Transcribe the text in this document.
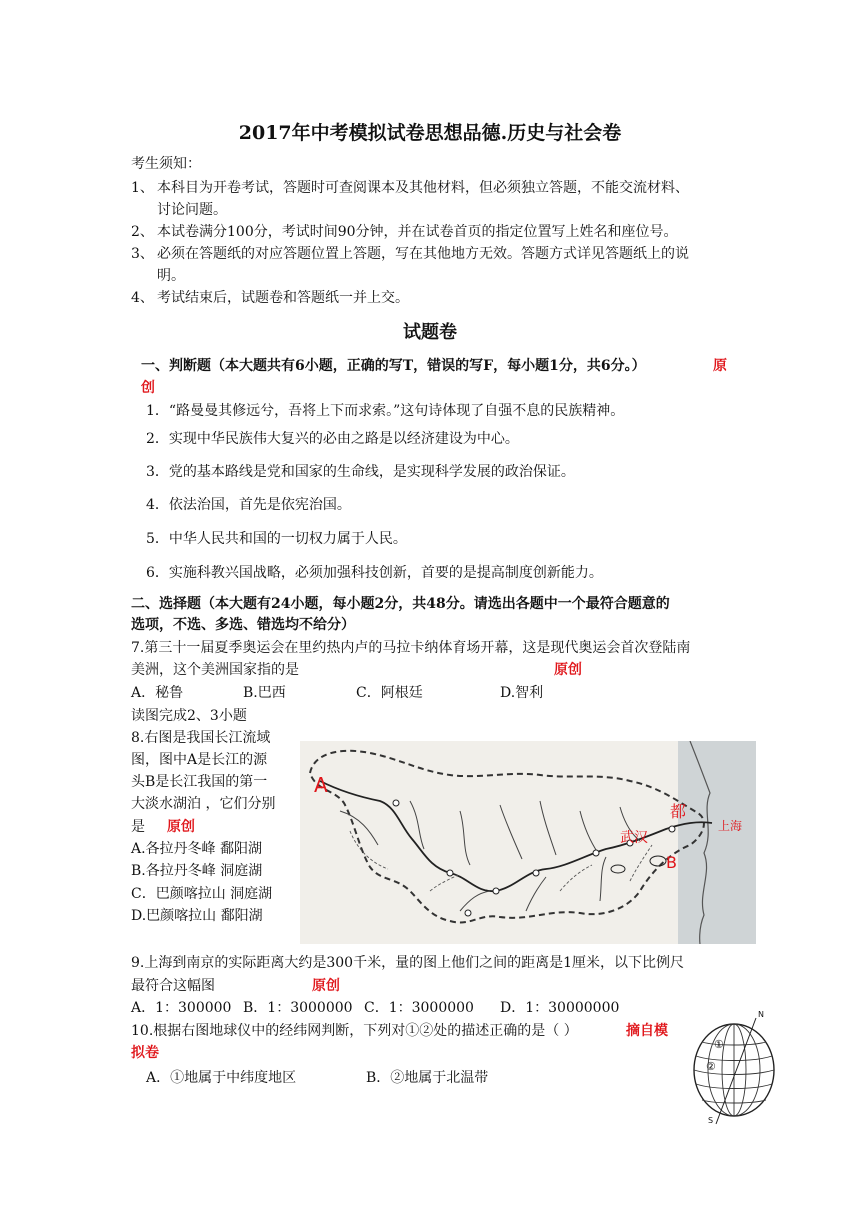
2017年中考模拟试卷思想品德.历史与社会卷
考生须知：
1、 本科目为开卷考试，答题时可查阅课本及其他材料，但必须独立答题，不能交流材料、
讨论问题。
2、 本试卷满分100分，考试时间90分钟，并在试卷首页的指定位置写上姓名和座位号。
3、 必须在答题纸的对应答题位置上答题，写在其他地方无效。答题方式详见答题纸上的说
明。
4、 考试结束后，试题卷和答题纸一并上交。
试题卷
一、判断题（本大题共有6小题，正确的写T，错误的写F，每小题1分，共6分。）	原
创
1．“路曼曼其修远兮，吾将上下而求索。”这句诗体现了自强不息的民族精神。
2．实现中华民族伟大复兴的必由之路是以经济建设为中心。
3．党的基本路线是党和国家的生命线，是实现科学发展的政治保证。
4．依法治国，首先是依宪治国。
5．中华人民共和国的一切权力属于人民。
6．实施科教兴国战略，必须加强科技创新，首要的是提高制度创新能力。
二、选择题（本大题有24小题，每小题2分，共48分。请选出各题中一个最符合题意的
选项，不选、多选、错选均不给分）
7.第三十一届夏季奥运会在里约热内卢的马拉卡纳体育场开幕，这是现代奥运会首次登陆南
美洲，这个美洲国家指的是	原创
A．秘鲁	B.巴西	C．阿根廷	D.智利
读图完成2、3小题
8.右图是我国长江流域
图，图中A是长江的源
头B是长江我国的第一
大淡水湖泊 ，它们分别
是 原创
A.各拉丹冬峰 鄱阳湖
B.各拉丹冬峰 洞庭湖
C．巴颜喀拉山 洞庭湖
D.巴颜喀拉山 鄱阳湖
A
B
都
武汉
上海
9.上海到南京的实际距离大约是300千米，量的图上他们之间的距离是1厘米，以下比例尺
最符合这幅图	原创
A．1：300000 B．1：3000000 C．1：3000000 D．1：30000000
10.根据右图地球仪中的经纬网判断，下列对①②处的描述正确的是（ ）	摘自模
拟卷
A．①地属于中纬度地区	B．②地属于北温带
N
S
①
②
